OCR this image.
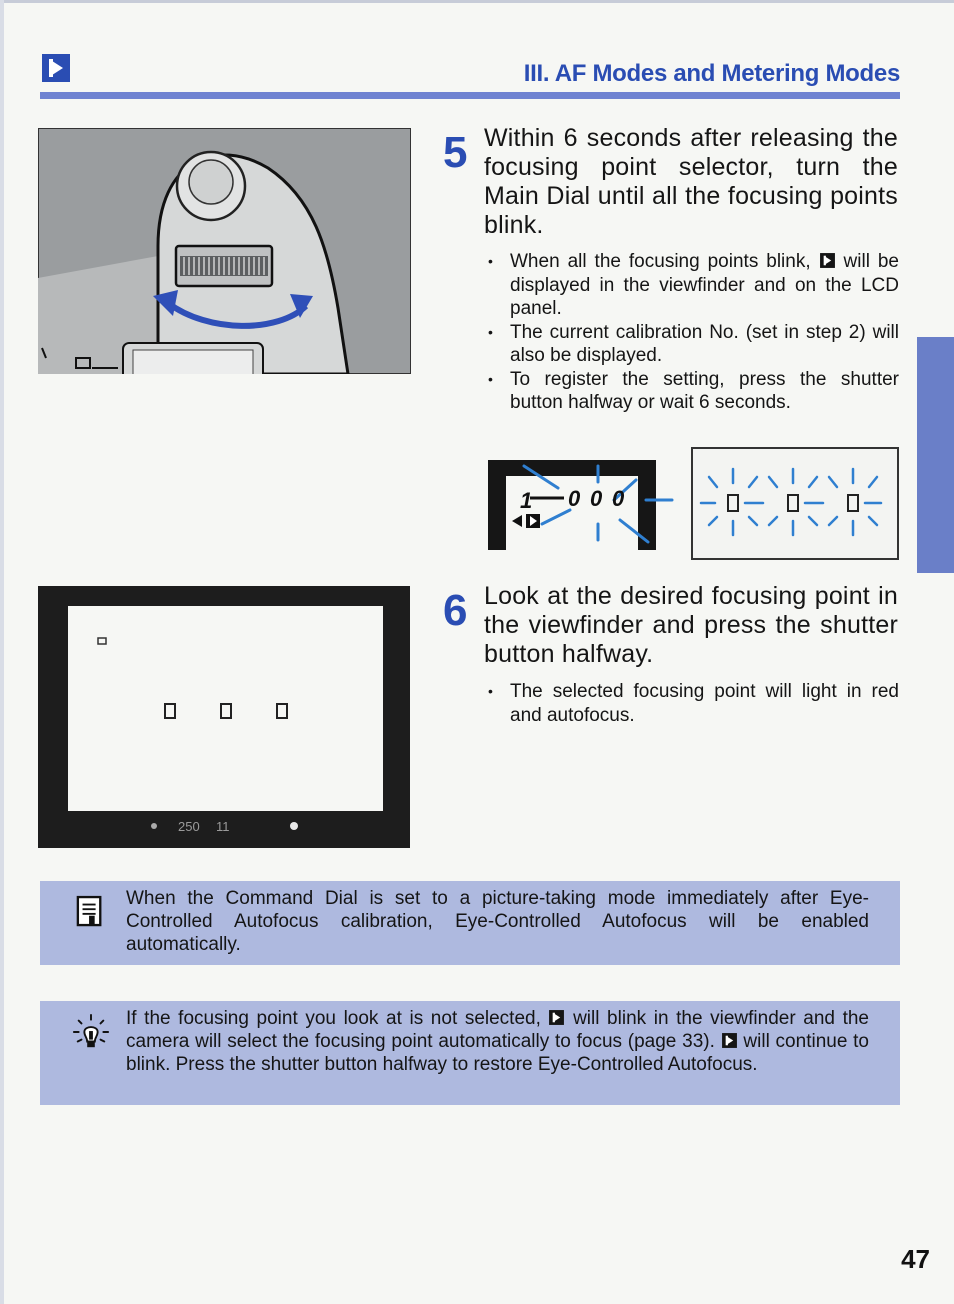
III. AF Modes and Metering Modes
5 Within 6 seconds after releasing the focusing point selector, turn the Main Dial until all the focusing points blink.
• When all the focusing points blink,  will be displayed in the viewfinder and on the LCD panel.
• The current calibration No. (set in step 2) will also be displayed.
• To register the setting, press the shutter button halfway or wait 6 seconds.
1 0 0 0
250 11
6 Look at the desired focusing point in the viewfinder and press the shutter button halfway.
• The selected focusing point will light in red and autofocus.
When the Command Dial is set to a picture-taking mode immediately after Eye-Controlled Autofocus calibration, Eye-Controlled Autofocus will be enabled automatically.
If the focusing point you look at is not selected,  will blink in the viewfinder and the camera will select the focusing point automatically to focus (page 33).  will continue to blink. Press the shutter button halfway to restore Eye-Controlled Autofocus.
47
